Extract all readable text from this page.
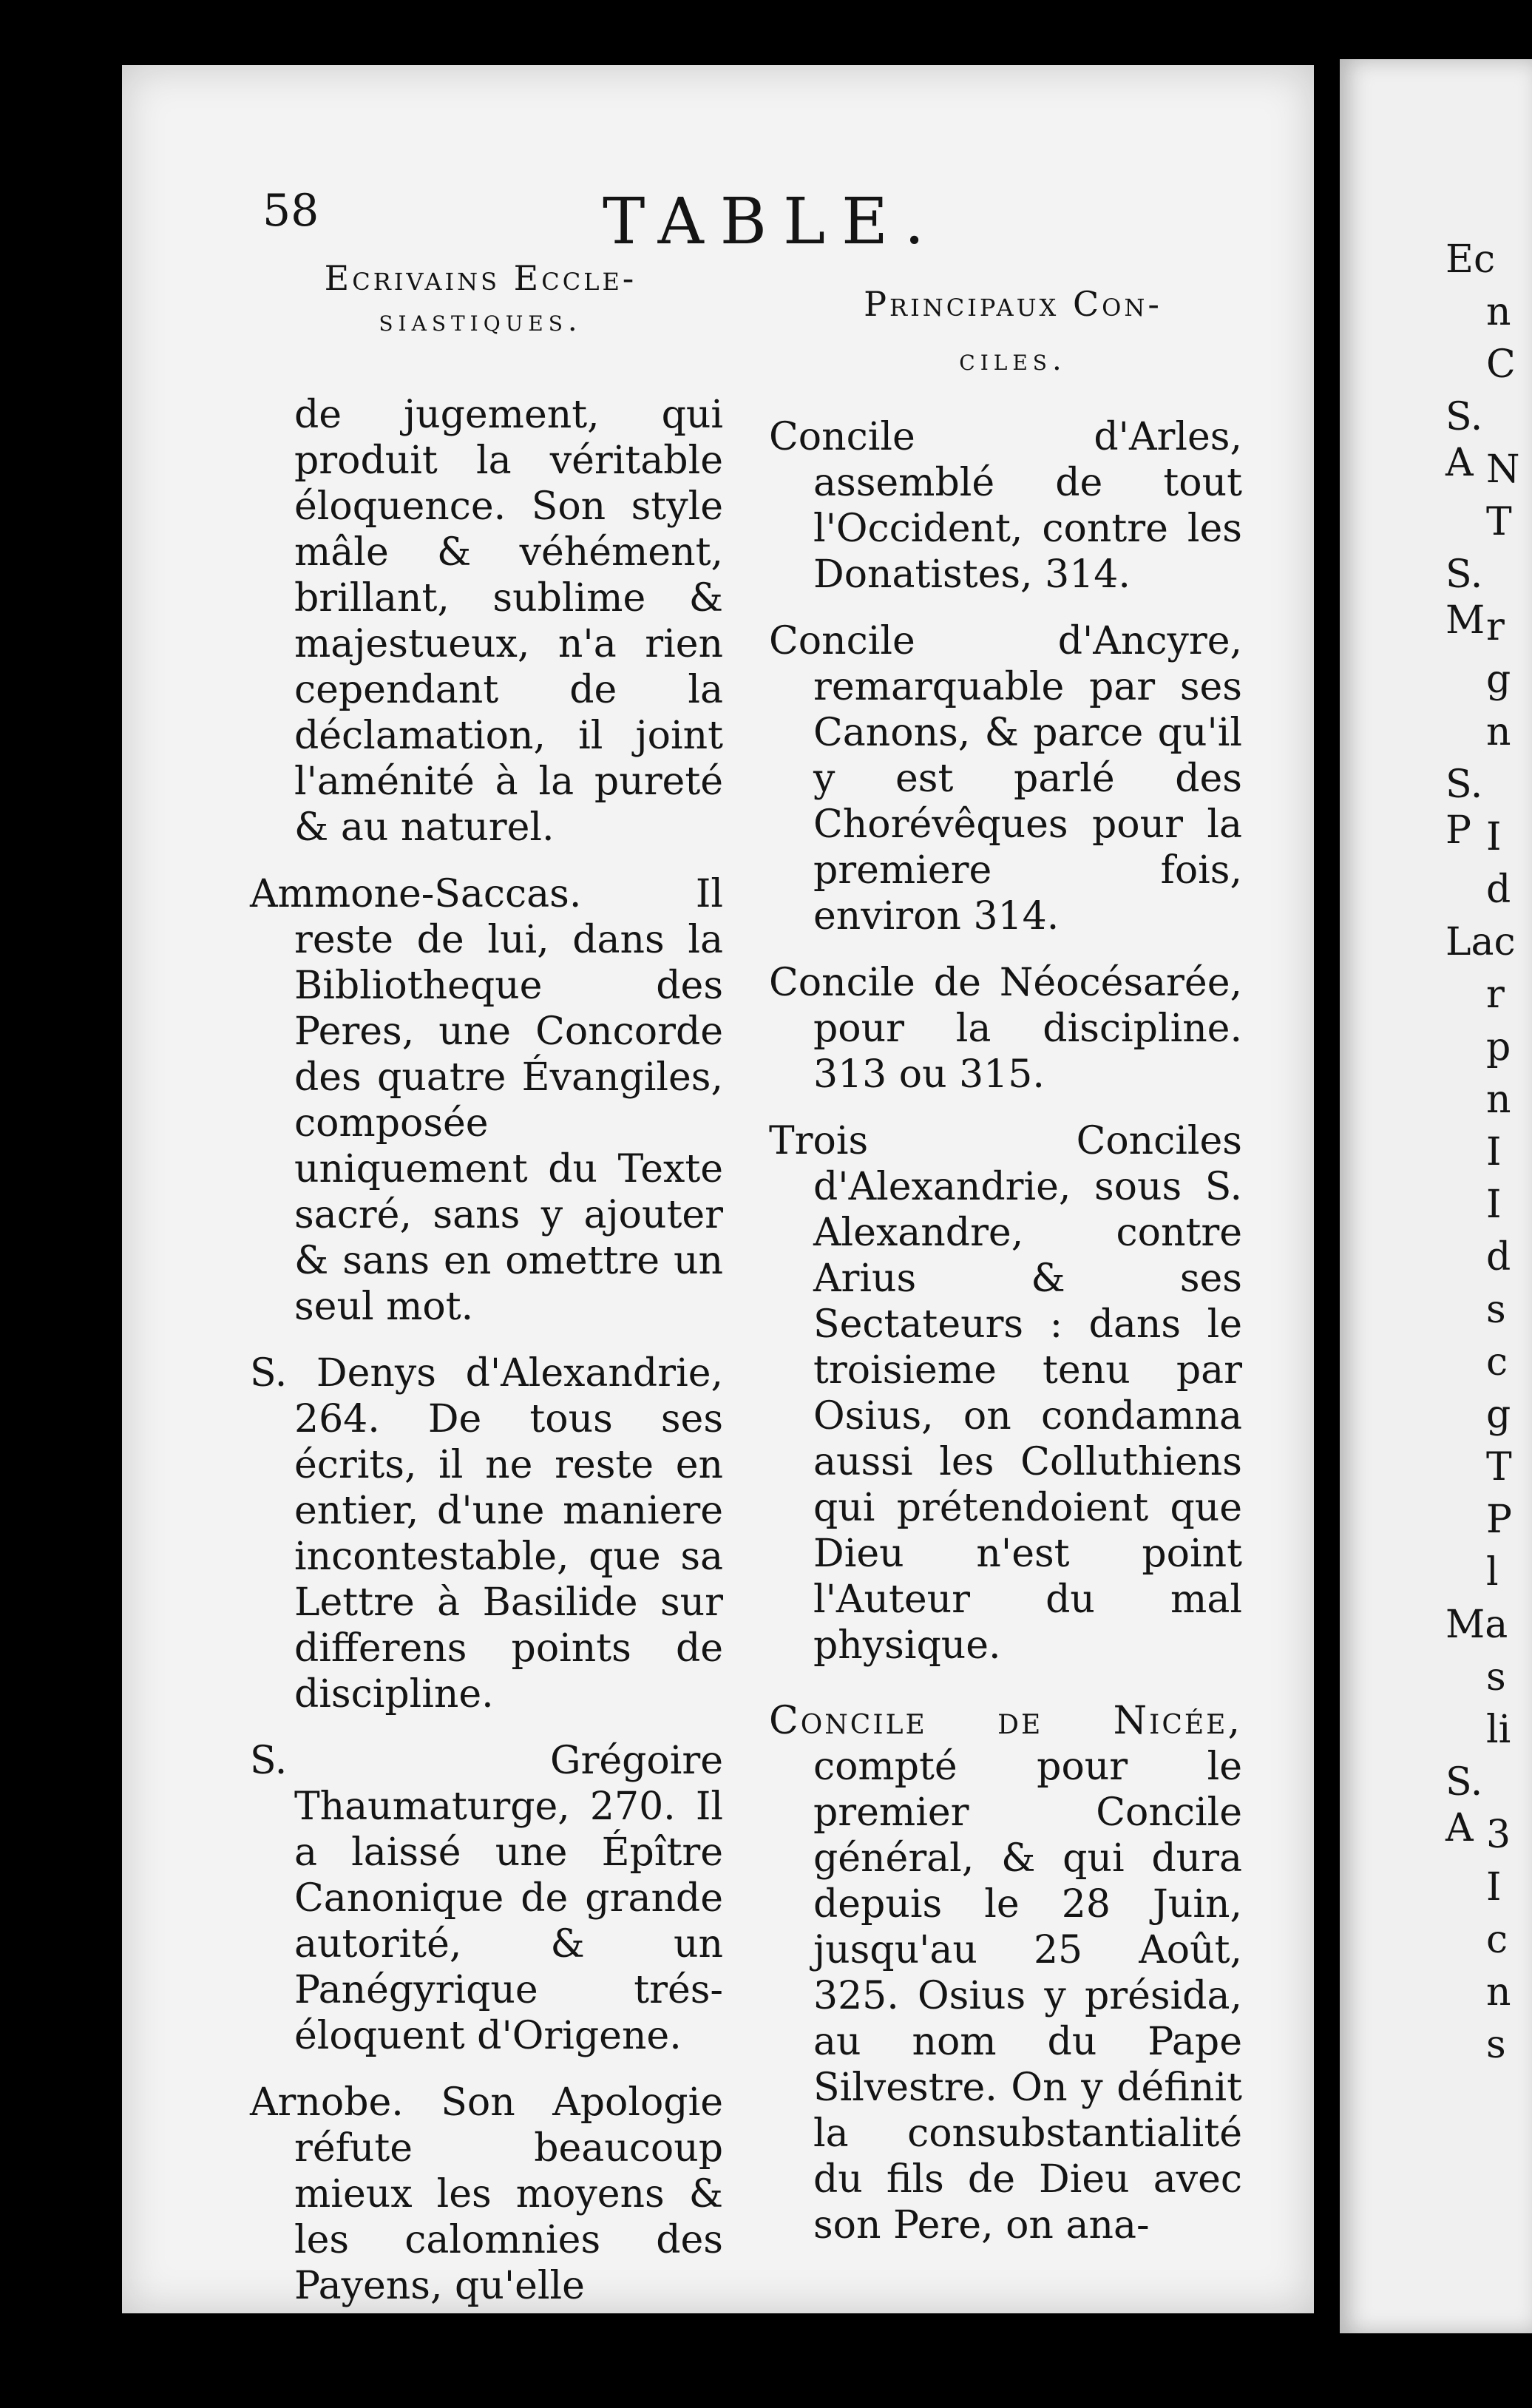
58	TABLE.
Ecrivains Eccle-
siastiques.	Principaux Con-
ciles.
de jugement, qui produit la véritable éloquence. Son style mâle & véhément, brillant, sublime & majestueux, n'a rien cependant de la déclamation, il joint l'aménité à la pureté & au naturel.
Ammone-Saccas. Il reste de lui, dans la Bibliotheque des Peres, une Concorde des quatre Évangiles, composée uniquement du Texte sacré, sans y ajouter & sans en omettre un seul mot.
S. Denys d'Alexandrie, 264. De tous ses écrits, il ne reste en entier, d'une maniere incontestable, que sa Lettre à Basilide sur differens points de discipline.
S. Grégoire Thaumaturge, 270. Il a laissé une Épître Canonique de grande autorité, & un Panégyrique trés-éloquent d'Origene.
Arnobe. Son Apologie réfute beaucoup mieux les moyens & les calomnies des Payens, qu'elle
Concile d'Arles, assemblé de tout l'Occident, contre les Donatistes, 314.
Concile d'Ancyre, remarquable par ses Canons, & parce qu'il y est parlé des Chorévêques pour la premiere fois, environ 314.
Concile de Néocésarée, pour la discipline. 313 ou 315.
Trois Conciles d'Alexandrie, sous S. Alexandre, contre Arius & ses Sectateurs : dans le troisieme tenu par Osius, on condamna aussi les Colluthiens qui prétendoient que Dieu n'est point l'Auteur du mal physique.
Concile de Nicée, compté pour le premier Concile général, & qui dura depuis le 28 Juin, jusqu'au 25 Août, 325. Osius y présida, au nom du Pape Silvestre. On y définit la consubstantialité du fils de Dieu avec son Pere, on ana-
Ec
n
C
S. A N
T
S. M r
g
n
S. P I
d
Lac
r
p
n
I
I
d
s
c
g
T
P
l
Ma
s
li
S. A 3
I
c
n
s
